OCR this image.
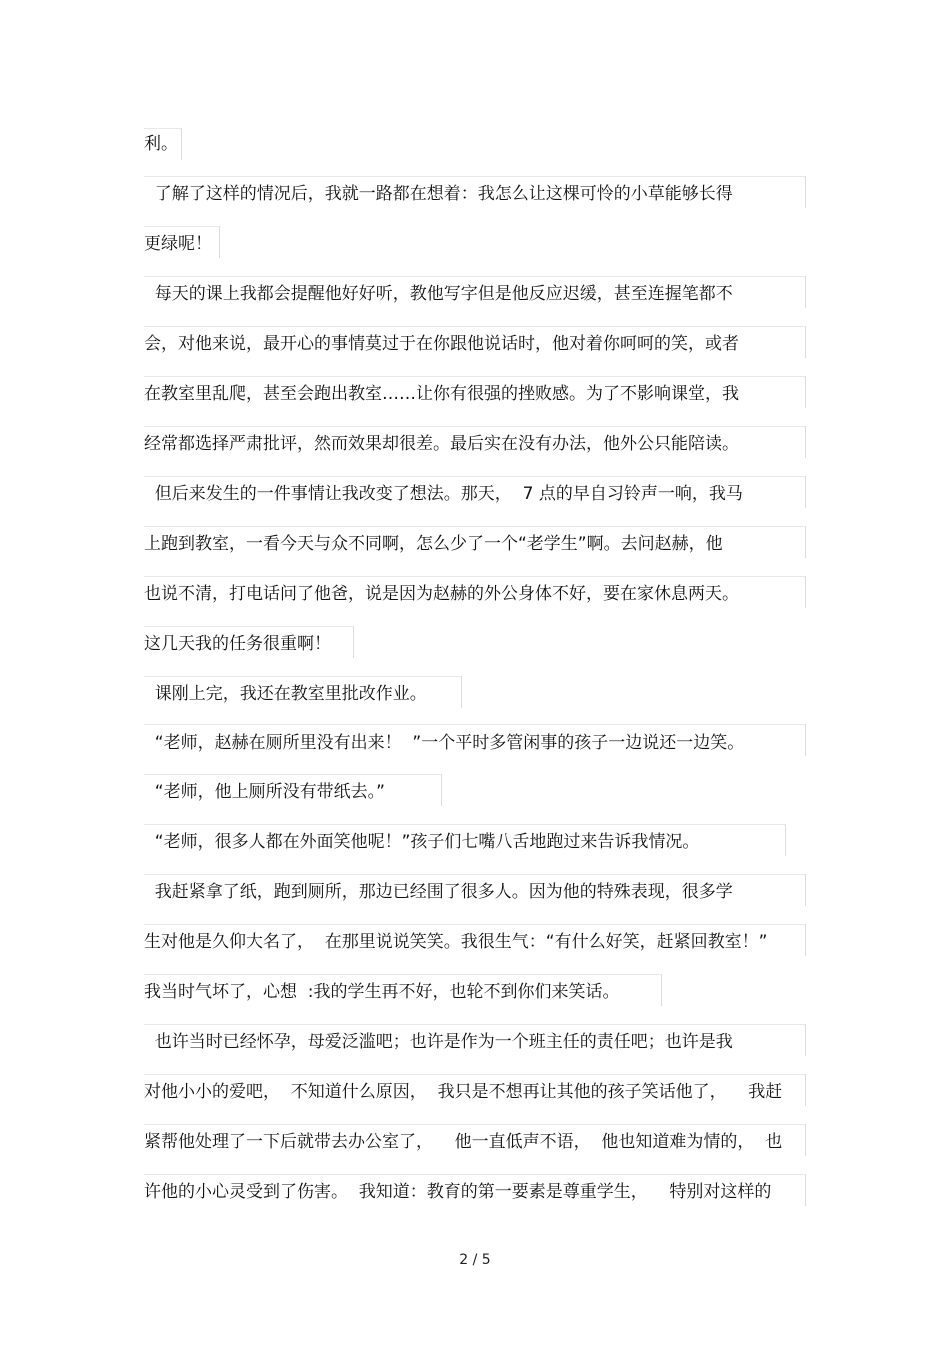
利。
了解了这样的情况后，我就一路都在想着：我怎么让这棵可怜的小草能够长得
更绿呢！
每天的课上我都会提醒他好好听，教他写字但是他反应迟缓，甚至连握笔都不
会，对他来说，最开心的事情莫过于在你跟他说话时，他对着你呵呵的笑，或者
在教室里乱爬，甚至会跑出教室……让你有很强的挫败感。为了不影响课堂，我
经常都选择严肃批评，然而效果却很差。最后实在没有办法，他外公只能陪读。
但后来发生的一件事情让我改变了想法。那天，  7 点的早自习铃声一响，我马
上跑到教室，一看今天与众不同啊，怎么少了一个“老学生”啊。去问赵赫，他
也说不清，打电话问了他爸，说是因为赵赫的外公身体不好，要在家休息两天。
这几天我的任务很重啊！
课刚上完，我还在教室里批改作业。
“老师，赵赫在厕所里没有出来！  ”一个平时多管闲事的孩子一边说还一边笑。
“老师，他上厕所没有带纸去。”
“老师，很多人都在外面笑他呢！”孩子们七嘴八舌地跑过来告诉我情况。
我赶紧拿了纸，跑到厕所，那边已经围了很多人。因为他的特殊表现，很多学
生对他是久仰大名了，  在那里说说笑笑。我很生气：“有什么好笑，赶紧回教室！”
我当时气坏了，心想  :我的学生再不好，也轮不到你们来笑话。
也许当时已经怀孕，母爱泛滥吧；也许是作为一个班主任的责任吧；也许是我
对他小小的爱吧，  不知道什么原因，  我只是不想再让其他的孩子笑话他了，    我赶
紧帮他处理了一下后就带去办公室了，    他一直低声不语，  他也知道难为情的，  也
许他的小心灵受到了伤害。  我知道：教育的第一要素是尊重学生，    特别对这样的
2 / 5
